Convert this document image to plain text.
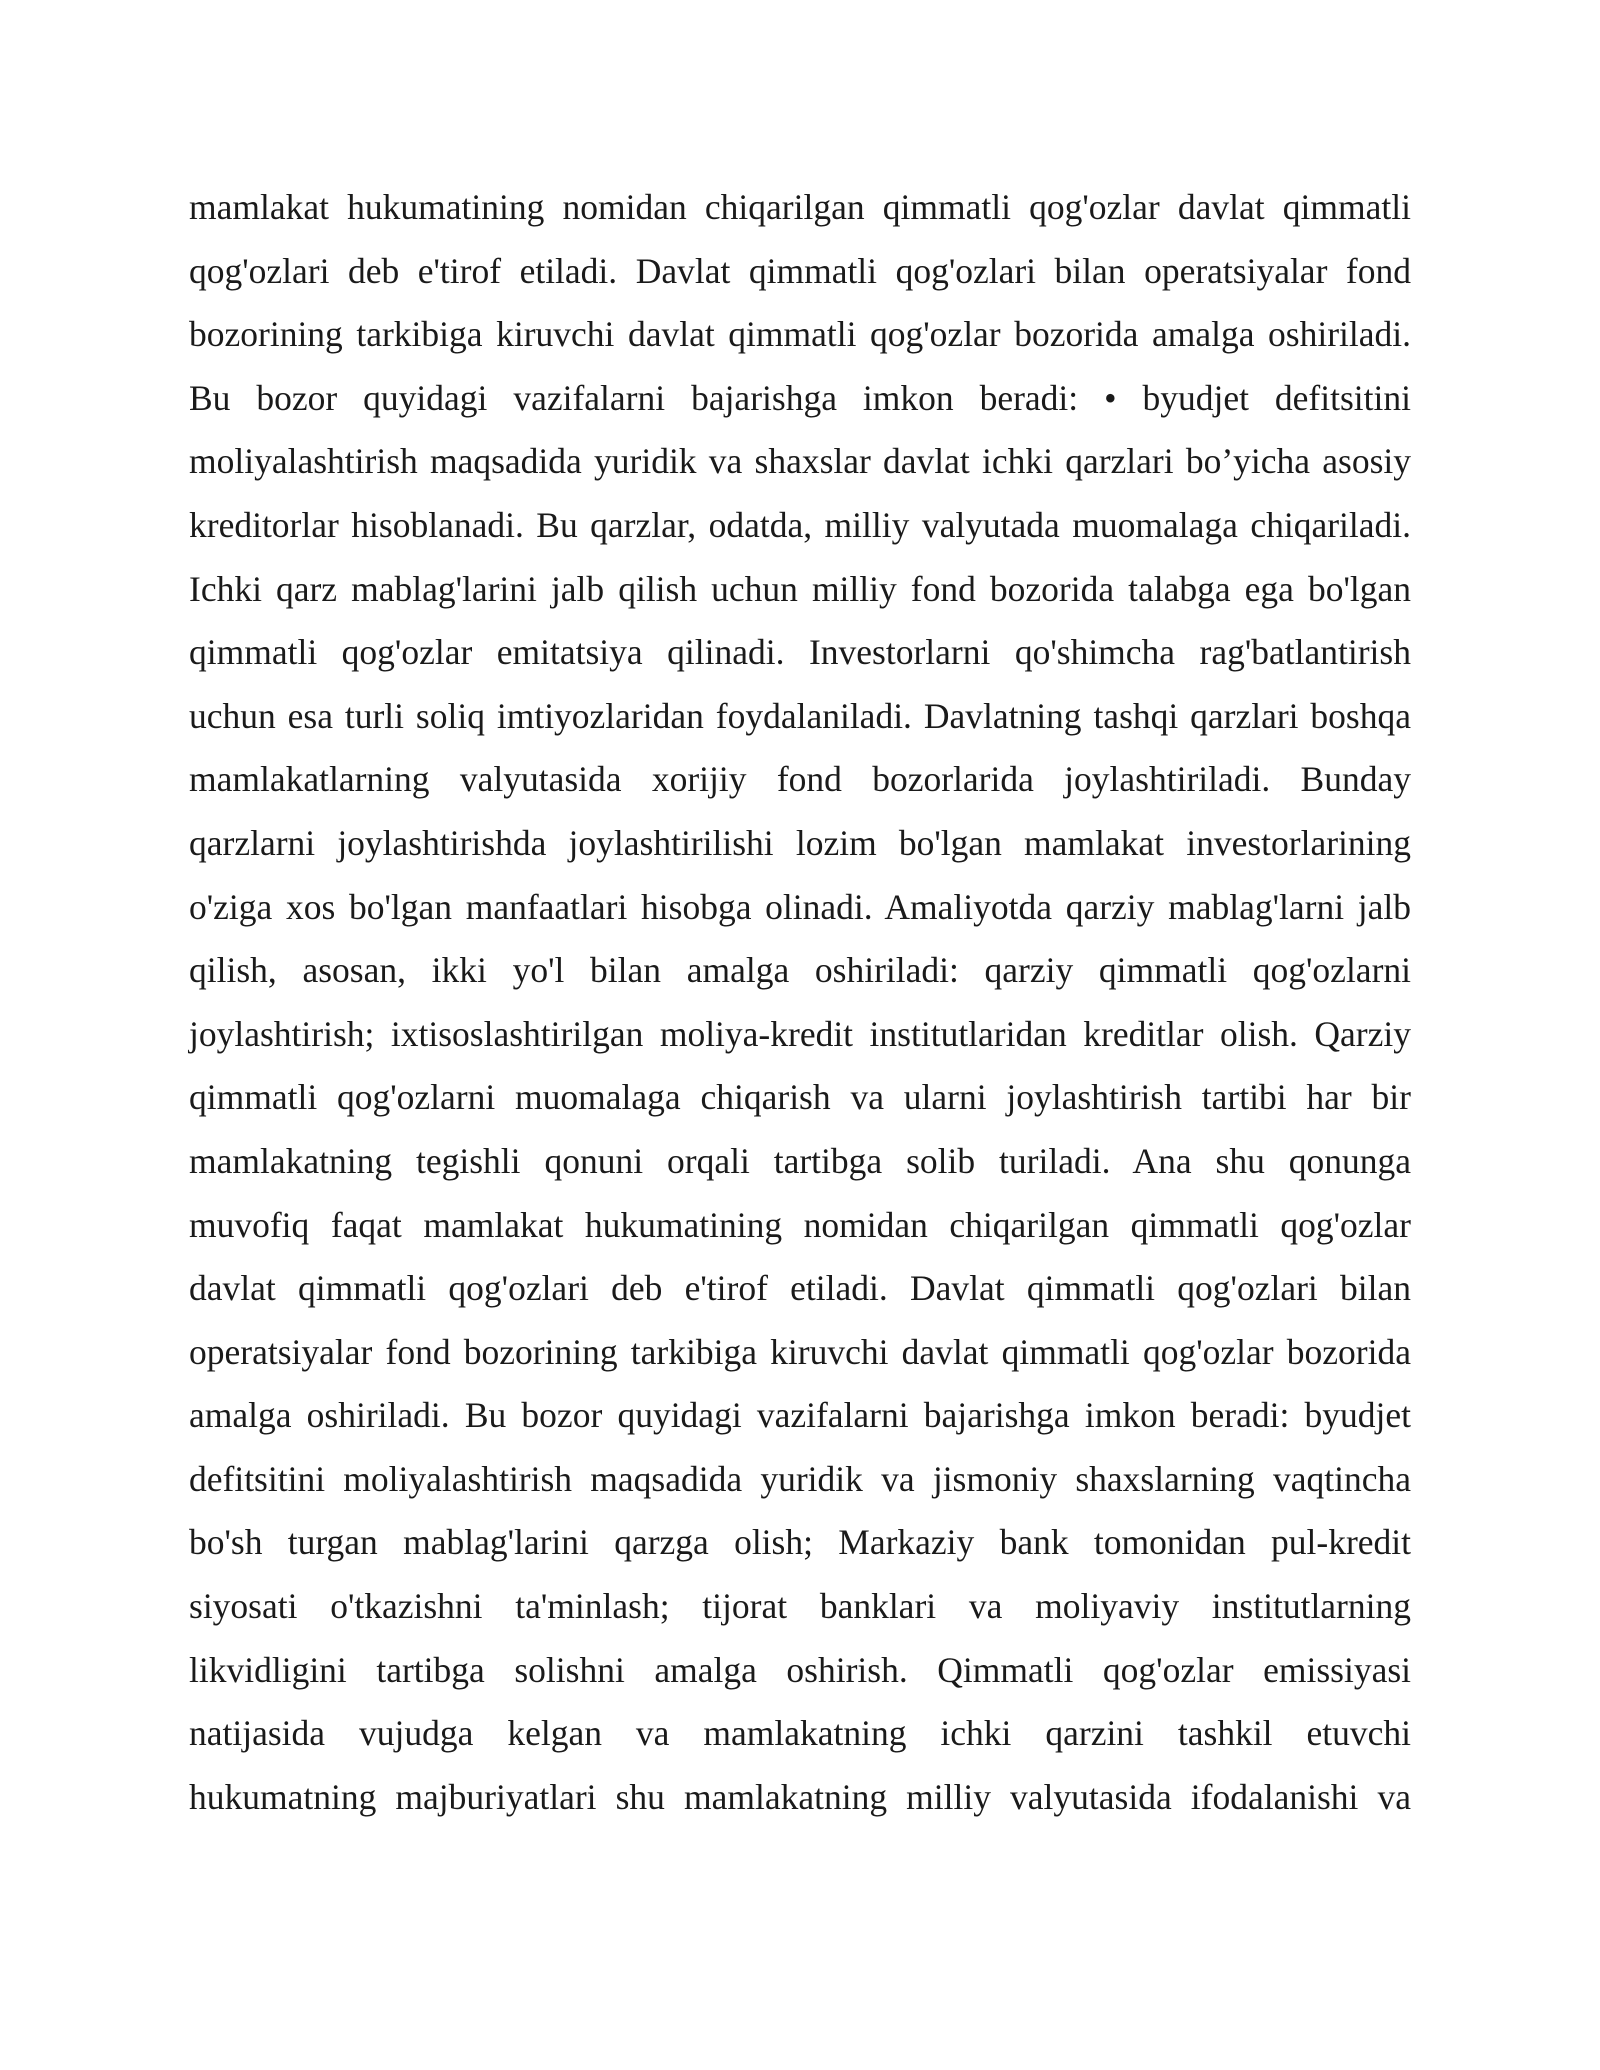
mamlakat hukumatining nomidan chiqarilgan qimmatli qog'ozlar davlat qimmatli
qog'ozlari deb e'tirof etiladi. Davlat qimmatli qog'ozlari bilan operatsiyalar fond
bozorining tarkibiga kiruvchi davlat qimmatli qog'ozlar bozorida amalga oshiriladi.
Bu bozor quyidagi vazifalarni bajarishga imkon beradi: • byudjet defitsitini
moliyalashtirish maqsadida yuridik va shaxslar davlat ichki qarzlari bo’yicha asosiy
kreditorlar hisoblanadi. Bu qarzlar, odatda, milliy valyutada muomalaga chiqariladi.
Ichki qarz mablag'larini jalb qilish uchun milliy fond bozorida talabga ega bo'lgan
qimmatli qog'ozlar emitatsiya qilinadi. Investorlarni qo'shimcha rag'batlantirish
uchun esa turli soliq imtiyozlaridan foydalaniladi. Davlatning tashqi qarzlari boshqa
mamlakatlarning valyutasida xorijiy fond bozorlarida joylashtiriladi. Bunday
qarzlarni joylashtirishda joylashtirilishi lozim bo'lgan mamlakat investorlarining
o'ziga xos bo'lgan manfaatlari hisobga olinadi. Amaliyotda qarziy mablag'larni jalb
qilish, asosan, ikki yo'l bilan amalga oshiriladi: qarziy qimmatli qog'ozlarni
joylashtirish; ixtisoslashtirilgan moliya-kredit institutlaridan kreditlar olish. Qarziy
qimmatli qog'ozlarni muomalaga chiqarish va ularni joylashtirish tartibi har bir
mamlakatning tegishli qonuni orqali tartibga solib turiladi. Ana shu qonunga
muvofiq faqat mamlakat hukumatining nomidan chiqarilgan qimmatli qog'ozlar
davlat qimmatli qog'ozlari deb e'tirof etiladi. Davlat qimmatli qog'ozlari bilan
operatsiyalar fond bozorining tarkibiga kiruvchi davlat qimmatli qog'ozlar bozorida
amalga oshiriladi. Bu bozor quyidagi vazifalarni bajarishga imkon beradi: byudjet
defitsitini moliyalashtirish maqsadida yuridik va jismoniy shaxslarning vaqtincha
bo'sh turgan mablag'larini qarzga olish; Markaziy bank tomonidan pul-kredit
siyosati o'tkazishni ta'minlash; tijorat banklari va moliyaviy institutlarning
likvidligini tartibga solishni amalga oshirish. Qimmatli qog'ozlar emissiyasi
natijasida vujudga kelgan va mamlakatning ichki qarzini tashkil etuvchi
hukumatning majburiyatlari shu mamlakatning milliy valyutasida ifodalanishi va
